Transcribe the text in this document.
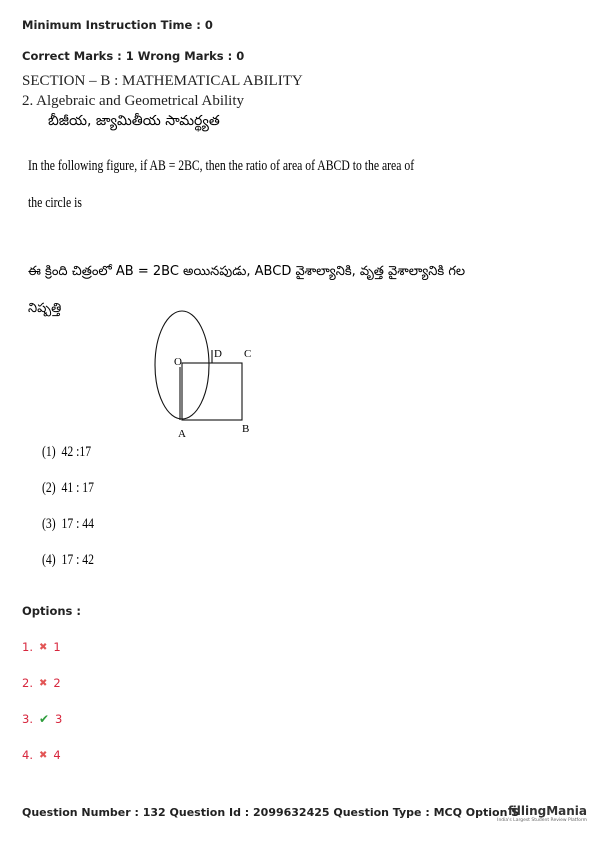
Minimum Instruction Time : 0
Correct Marks : 1 Wrong Marks : 0
SECTION – B : MATHEMATICAL ABILITY
2. Algebraic and Geometrical Ability
బీజీయ, జ్యామితీయ సామర్థ్యత
In the following figure, if AB = 2BC, then the ratio of area of ABCD to the area of
the circle is
ఈ క్రింది చిత్రంలో AB = 2BC అయినపుడు, ABCD వైశాల్యానికి, వృత్త వైశాల్యానికి గల
నిష్పత్తి
O
D C
A	B
(1) 42 :17
(2) 41 : 17
(3) 17 : 44
(4) 17 : 42
Options :
1. ✖ 1
2. ✖ 2
3. ✔ 3
4. ✖ 4
Question Number : 132 Question Id : 2099632425 Question Type : MCQ Option S
fillingMania
India's Largest Student Review Platform
